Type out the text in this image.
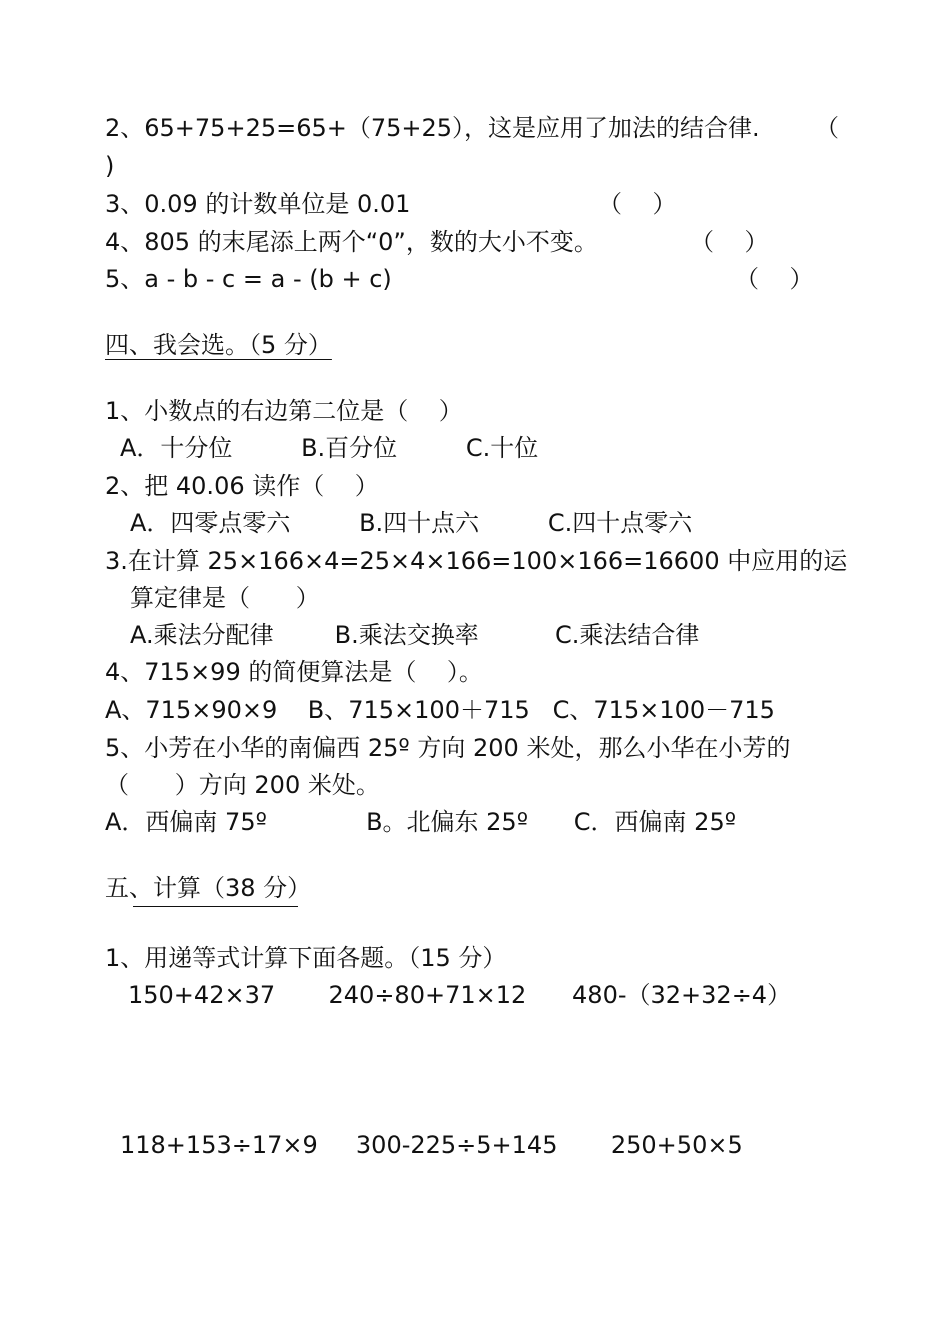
2、65+75+25=65+（75+25），这是应用了加法的结合律. （

)

3、0.09 的计数单位是 0.01	（    ）

4、805 的末尾添上两个“0”，数的大小不变。	（    ）

5、a - b - c = a - (b + c)	（    ）

四、我会选。（5 分）

1、小数点的右边第二位是（    ）

A．十分位         B.百分位         C.十位

2、把 40.06 读作（    ）

A．四零点零六         B.四十点六         C.四十点零六

3.在计算 25×166×4=25×4×166=100×166=16600 中应用的运

算定律是（      ）

A.乘法分配律        B.乘法交换率          C.乘法结合律

4、715×99 的简便算法是（    ）。

A、715×90×9    B、715×100＋715   C、715×100－715

5、小芳在小华的南偏西 25º 方向 200 米处，那么小华在小芳的

（      ）方向 200 米处。

A．西偏南 75º             B。北偏东 25º      C．西偏南 25º

五、计算（38 分）

1、用递等式计算下面各题。（15 分）

150+42×37       240÷80+71×12      480-（32+32÷4）

118+153÷17×9     300-225÷5+145       250+50×5
